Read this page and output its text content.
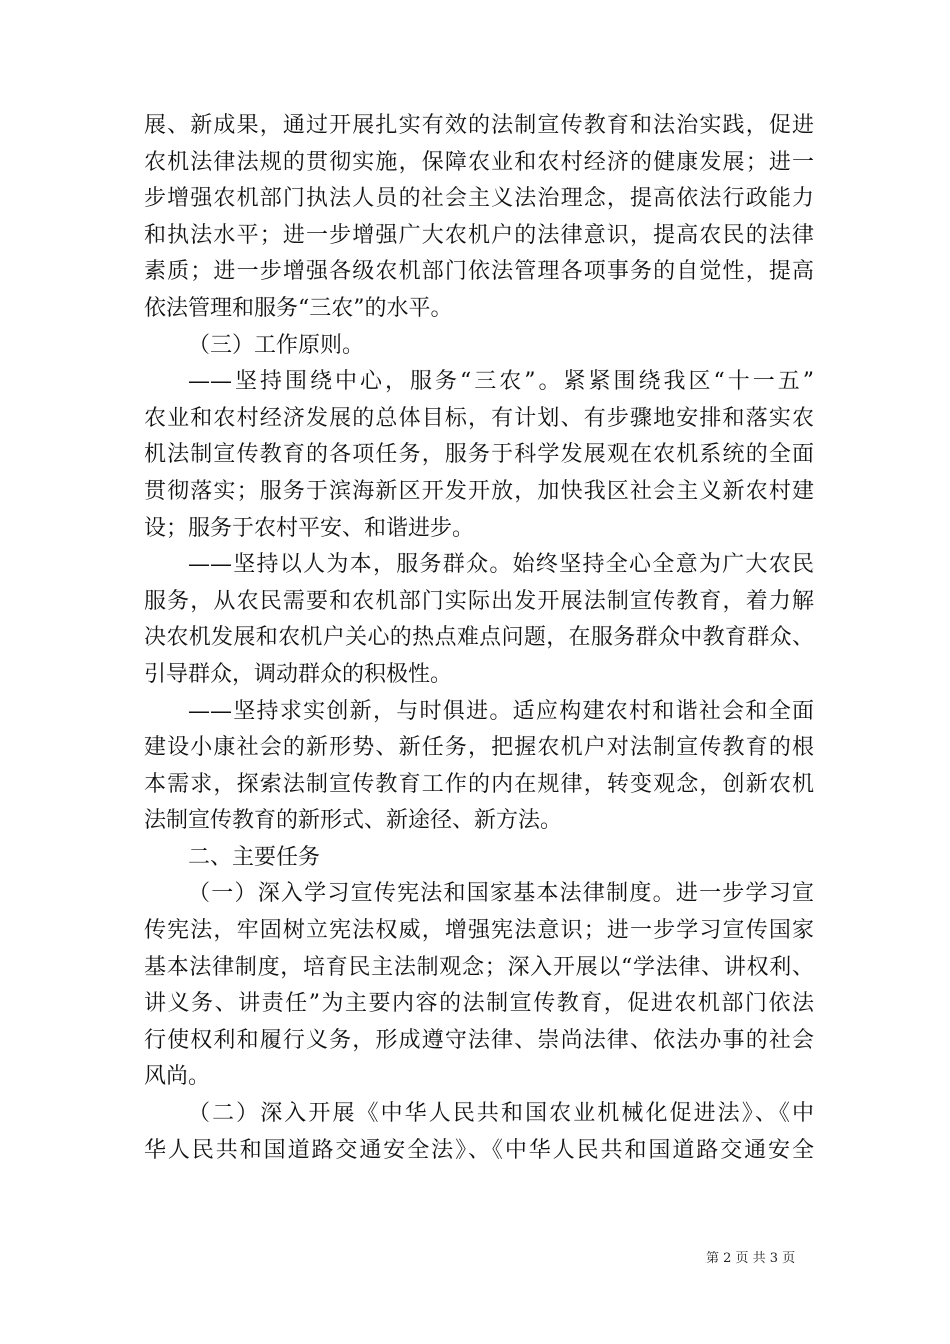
展、新成果，通过开展扎实有效的法制宣传教育和法治实践，促进
农机法律法规的贯彻实施，保障农业和农村经济的健康发展；进一
步增强农机部门执法人员的社会主义法治理念，提高依法行政能力
和执法水平；进一步增强广大农机户的法律意识，提高农民的法律
素质；进一步增强各级农机部门依法管理各项事务的自觉性，提高
依法管理和服务“三农”的水平。
（三）工作原则。
——坚持围绕中心，服务“三农”。紧紧围绕我区“十一五”
农业和农村经济发展的总体目标，有计划、有步骤地安排和落实农
机法制宣传教育的各项任务，服务于科学发展观在农机系统的全面
贯彻落实；服务于滨海新区开发开放，加快我区社会主义新农村建
设；服务于农村平安、和谐进步。
——坚持以人为本，服务群众。始终坚持全心全意为广大农民
服务，从农民需要和农机部门实际出发开展法制宣传教育，着力解
决农机发展和农机户关心的热点难点问题，在服务群众中教育群众、
引导群众，调动群众的积极性。
——坚持求实创新，与时俱进。适应构建农村和谐社会和全面
建设小康社会的新形势、新任务，把握农机户对法制宣传教育的根
本需求，探索法制宣传教育工作的内在规律，转变观念，创新农机
法制宣传教育的新形式、新途径、新方法。
二、主要任务
（一）深入学习宣传宪法和国家基本法律制度。进一步学习宣
传宪法，牢固树立宪法权威，增强宪法意识；进一步学习宣传国家
基本法律制度，培育民主法制观念；深入开展以“学法律、讲权利、
讲义务、讲责任”为主要内容的法制宣传教育，促进农机部门依法
行使权利和履行义务，形成遵守法律、崇尚法律、依法办事的社会
风尚。
（二）深入开展《中华人民共和国农业机械化促进法》、《中
华人民共和国道路交通安全法》、《中华人民共和国道路交通安全
第 2 页 共 3 页
